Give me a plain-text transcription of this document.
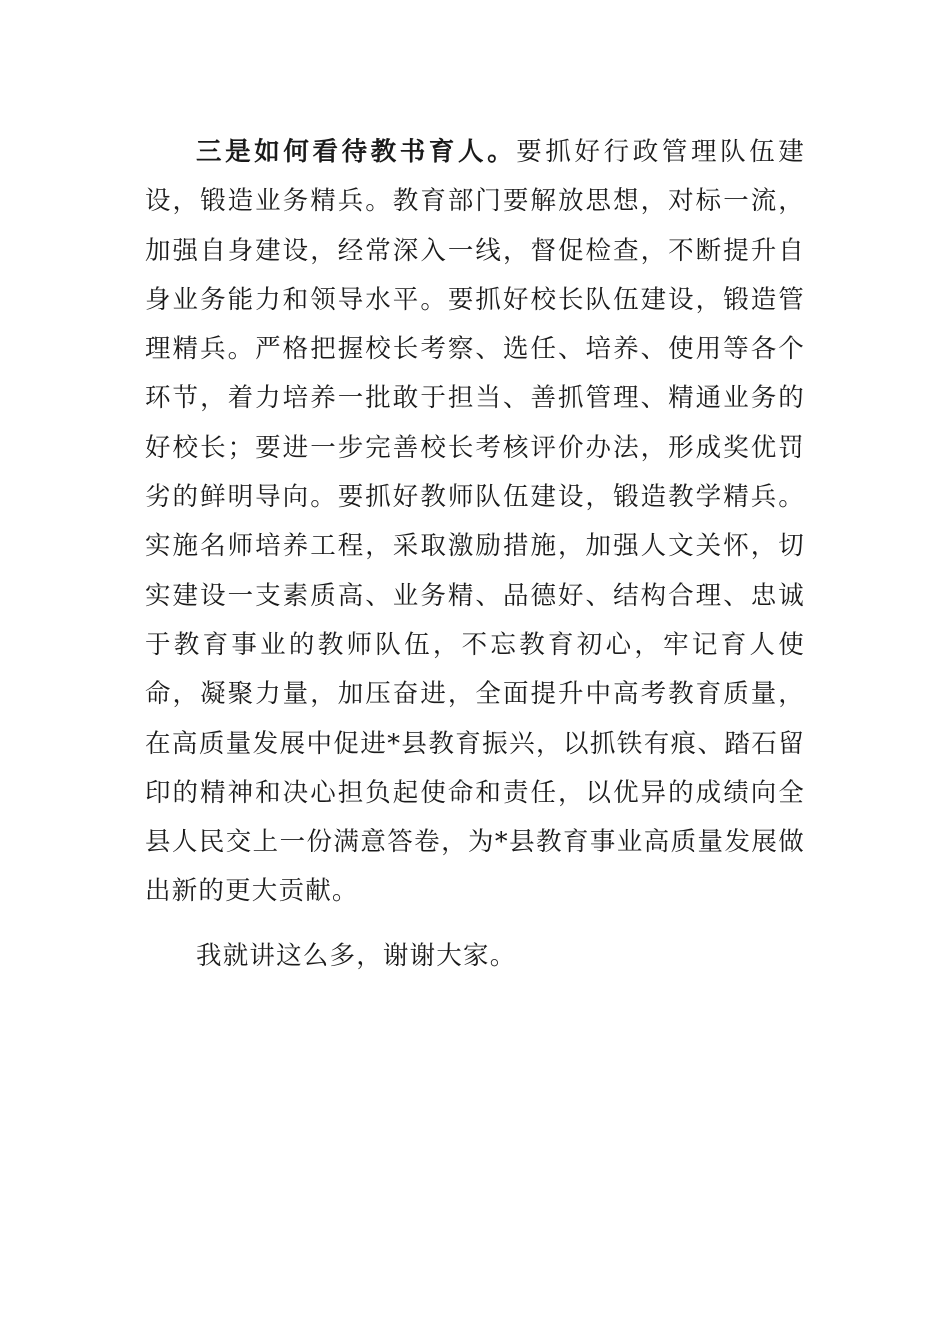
三是如何看待教书育人。要抓好行政管理队伍建设，锻造业务精兵。教育部门要解放思想，对标一流，加强自身建设，经常深入一线，督促检查，不断提升自身业务能力和领导水平。要抓好校长队伍建设，锻造管理精兵。严格把握校长考察、选任、培养、使用等各个环节，着力培养一批敢于担当、善抓管理、精通业务的好校长；要进一步完善校长考核评价办法，形成奖优罚劣的鲜明导向。要抓好教师队伍建设，锻造教学精兵。实施名师培养工程，采取激励措施，加强人文关怀，切实建设一支素质高、业务精、品德好、结构合理、忠诚于教育事业的教师队伍，不忘教育初心，牢记育人使命，凝聚力量，加压奋进，全面提升中高考教育质量，在高质量发展中促进*县教育振兴，以抓铁有痕、踏石留印的精神和决心担负起使命和责任，以优异的成绩向全县人民交上一份满意答卷，为*县教育事业高质量发展做出新的更大贡献。

我就讲这么多，谢谢大家。
